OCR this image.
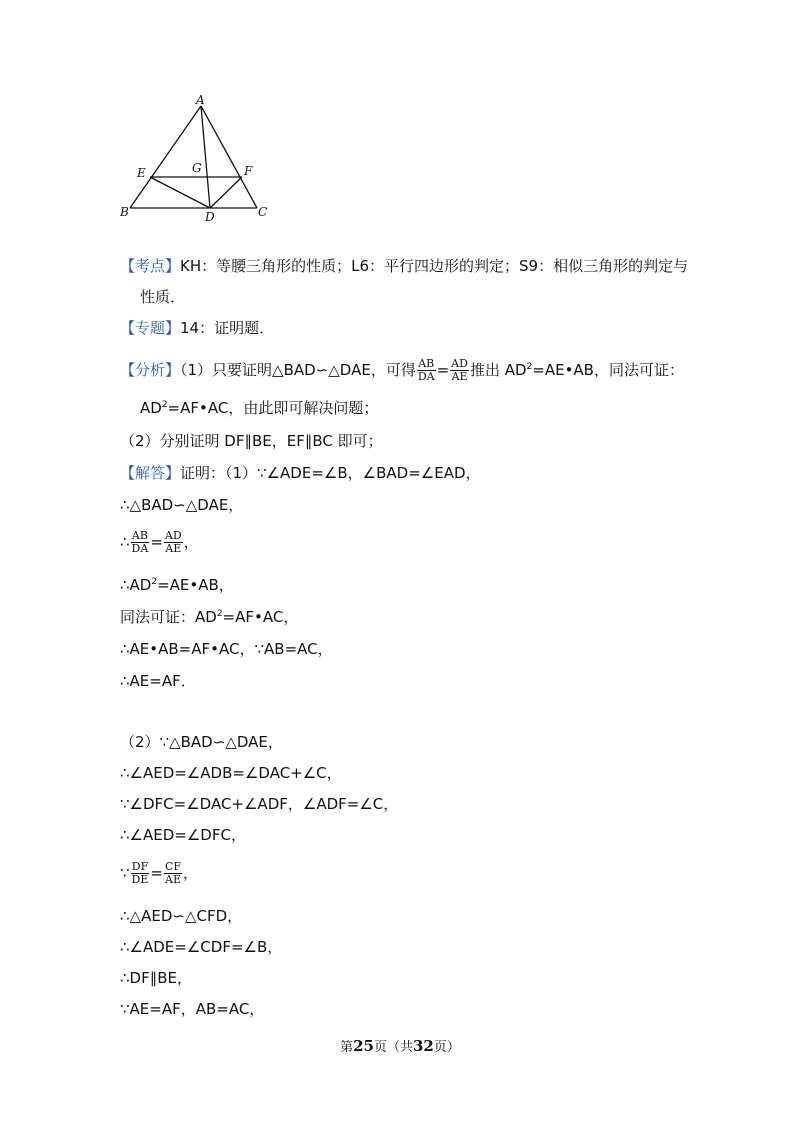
A
B	C
D
E	F
G
【考点】KH：等腰三角形的性质；L6：平行四边形的判定；S9：相似三角形的判定与
性质．
【专题】14：证明题．
【分析】（1）只要证明△BAD∽△DAE，可得 $\frac{AB}{DA} = \frac{AD}{AE}$ 推出 $AD^2=AE•AB$，同法可证：
$AD^2=AF•AC$，由此即可解决问题；
（2）分别证明 DF∥BE，EF∥BC 即可；
【解答】证明：（1）∵∠ADE=∠B，∠BAD=∠EAD，
∴△BAD∽△DAE，
∴ $\frac{AB}{DA} = \frac{AD}{AE}$ ，
$\therefore AD^2=AE•AB$，
同法可证：$AD^2=AF•AC$，
∴AE•AB=AF•AC，∵AB=AC，
∴AE=AF．
（2）∵△BAD∽△DAE，
∴∠AED=∠ADB=∠DAC+∠C，
∵∠DFC=∠DAC+∠ADF，∠ADF=∠C，
∴∠AED=∠DFC，
∵ $\frac{DF}{DE} = \frac{CF}{AE}$ ，
∴△AED∽△CFD，
∴∠ADE=∠CDF=∠B，
∴DF∥BE，
∵AE=AF，AB=AC，
第25页（共32页）
